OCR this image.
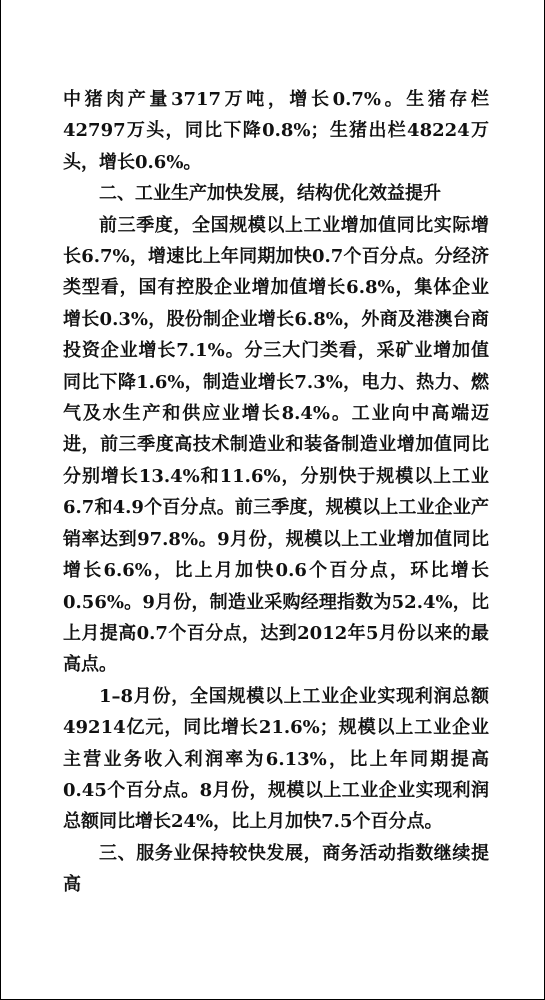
中猪肉产量3717万吨，增长0.7%。生猪存栏42797万头，同比下降0.8%；生猪出栏48224万头，增长0.6%。

二、工业生产加快发展，结构优化效益提升

前三季度，全国规模以上工业增加值同比实际增长6.7%，增速比上年同期加快0.7个百分点。分经济类型看，国有控股企业增加值增长6.8%，集体企业增长0.3%，股份制企业增长6.8%，外商及港澳台商投资企业增长7.1%。分三大门类看，采矿业增加值同比下降1.6%，制造业增长7.3%，电力、热力、燃气及水生产和供应业增长8.4%。工业向中高端迈进，前三季度高技术制造业和装备制造业增加值同比分别增长13.4%和11.6%，分别快于规模以上工业6.7和4.9个百分点。前三季度，规模以上工业企业产销率达到97.8%。9月份，规模以上工业增加值同比增长6.6%，比上月加快0.6个百分点，环比增长0.56%。9月份，制造业采购经理指数为52.4%，比上月提高0.7个百分点，达到2012年5月份以来的最高点。

1–8月份，全国规模以上工业企业实现利润总额49214亿元，同比增长21.6%；规模以上工业企业主营业务收入利润率为6.13%，比上年同期提高0.45个百分点。8月份，规模以上工业企业实现利润总额同比增长24%，比上月加快7.5个百分点。

三、服务业保持较快发展，商务活动指数继续提高
